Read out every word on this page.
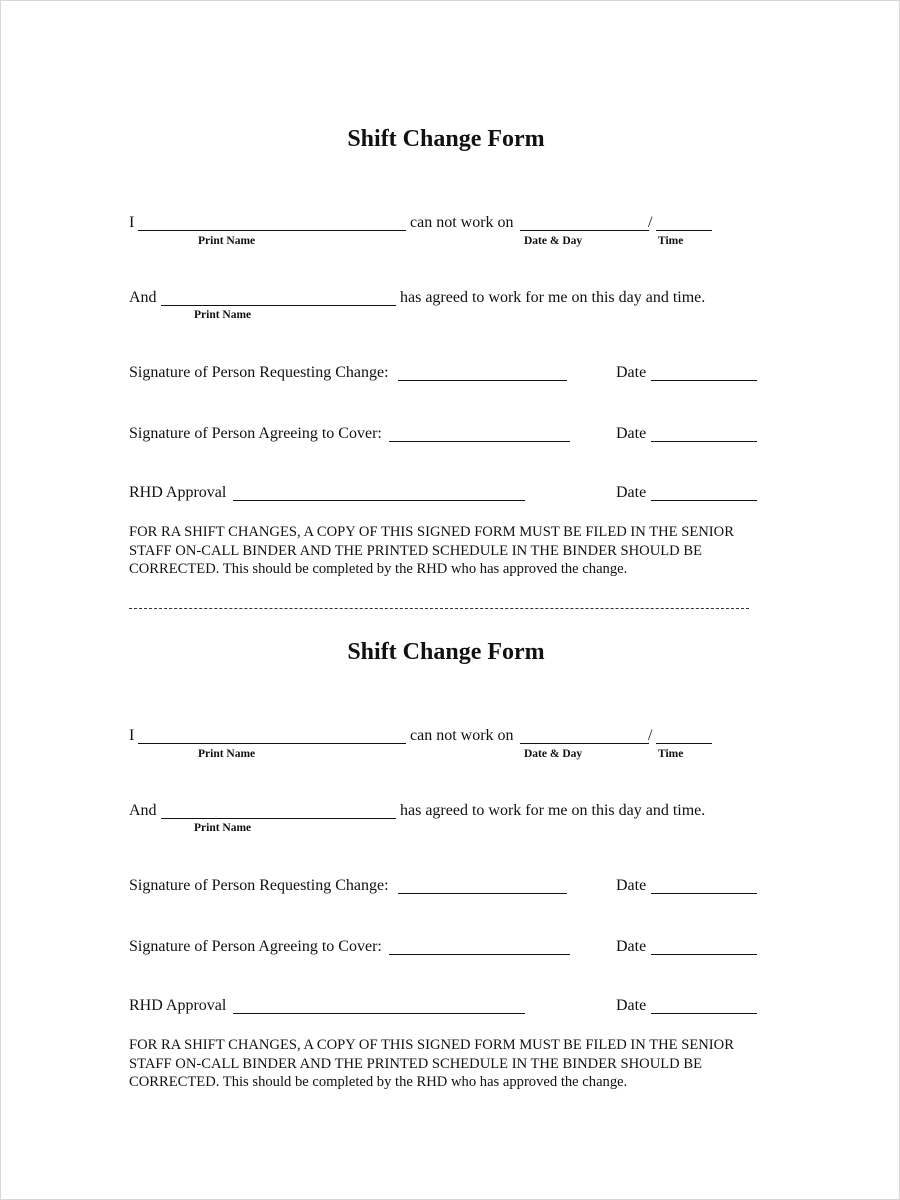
Shift Change Form
I	can not work on	/
Print Name	Date & Day	Time
And	has agreed to work for me on this day and time.
Print Name
Signature of Person Requesting Change:	Date
Signature of Person Agreeing to Cover:	Date
RHD Approval	Date
FOR RA SHIFT CHANGES, A COPY OF THIS SIGNED FORM MUST BE FILED IN THE SENIOR
STAFF ON-CALL BINDER AND THE PRINTED SCHEDULE IN THE BINDER SHOULD BE
CORRECTED. This should be completed by the RHD who has approved the change.
Shift Change Form
I	can not work on	/
Print Name	Date & Day	Time
And	has agreed to work for me on this day and time.
Print Name
Signature of Person Requesting Change:	Date
Signature of Person Agreeing to Cover:	Date
RHD Approval	Date
FOR RA SHIFT CHANGES, A COPY OF THIS SIGNED FORM MUST BE FILED IN THE SENIOR
STAFF ON-CALL BINDER AND THE PRINTED SCHEDULE IN THE BINDER SHOULD BE
CORRECTED. This should be completed by the RHD who has approved the change.
